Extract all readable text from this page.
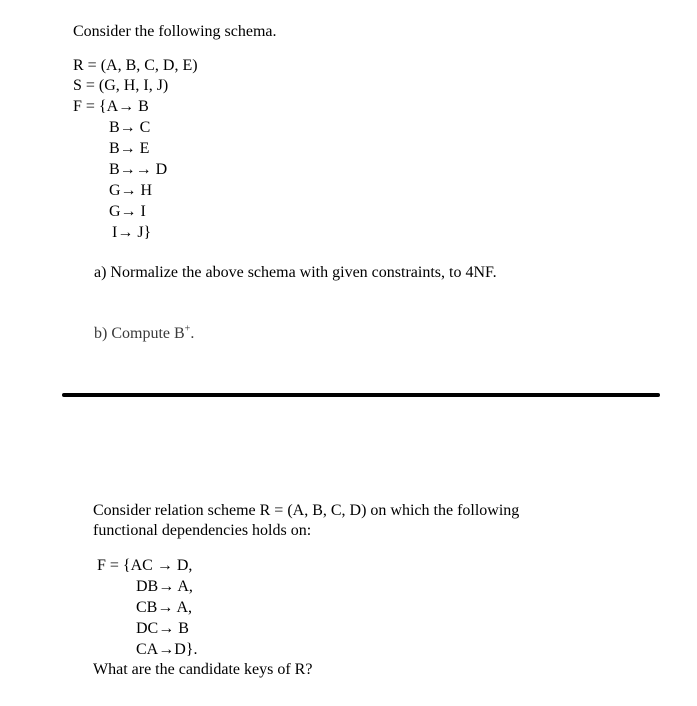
Consider the following schema.
R = (A, B, C, D, E)
S = (G, H, I, J)
F = {A→ B
B→ C
B→ E
B→→ D
G→ H
G→ I
I→ J}
a) Normalize the above schema with given constraints, to 4NF.
b) Compute B+.
Consider relation scheme R = (A, B, C, D) on which the following
functional dependencies holds on:
F = {AC → D,
DB→ A,
CB→ A,
DC→ B
CA→D}.
What are the candidate keys of R?
